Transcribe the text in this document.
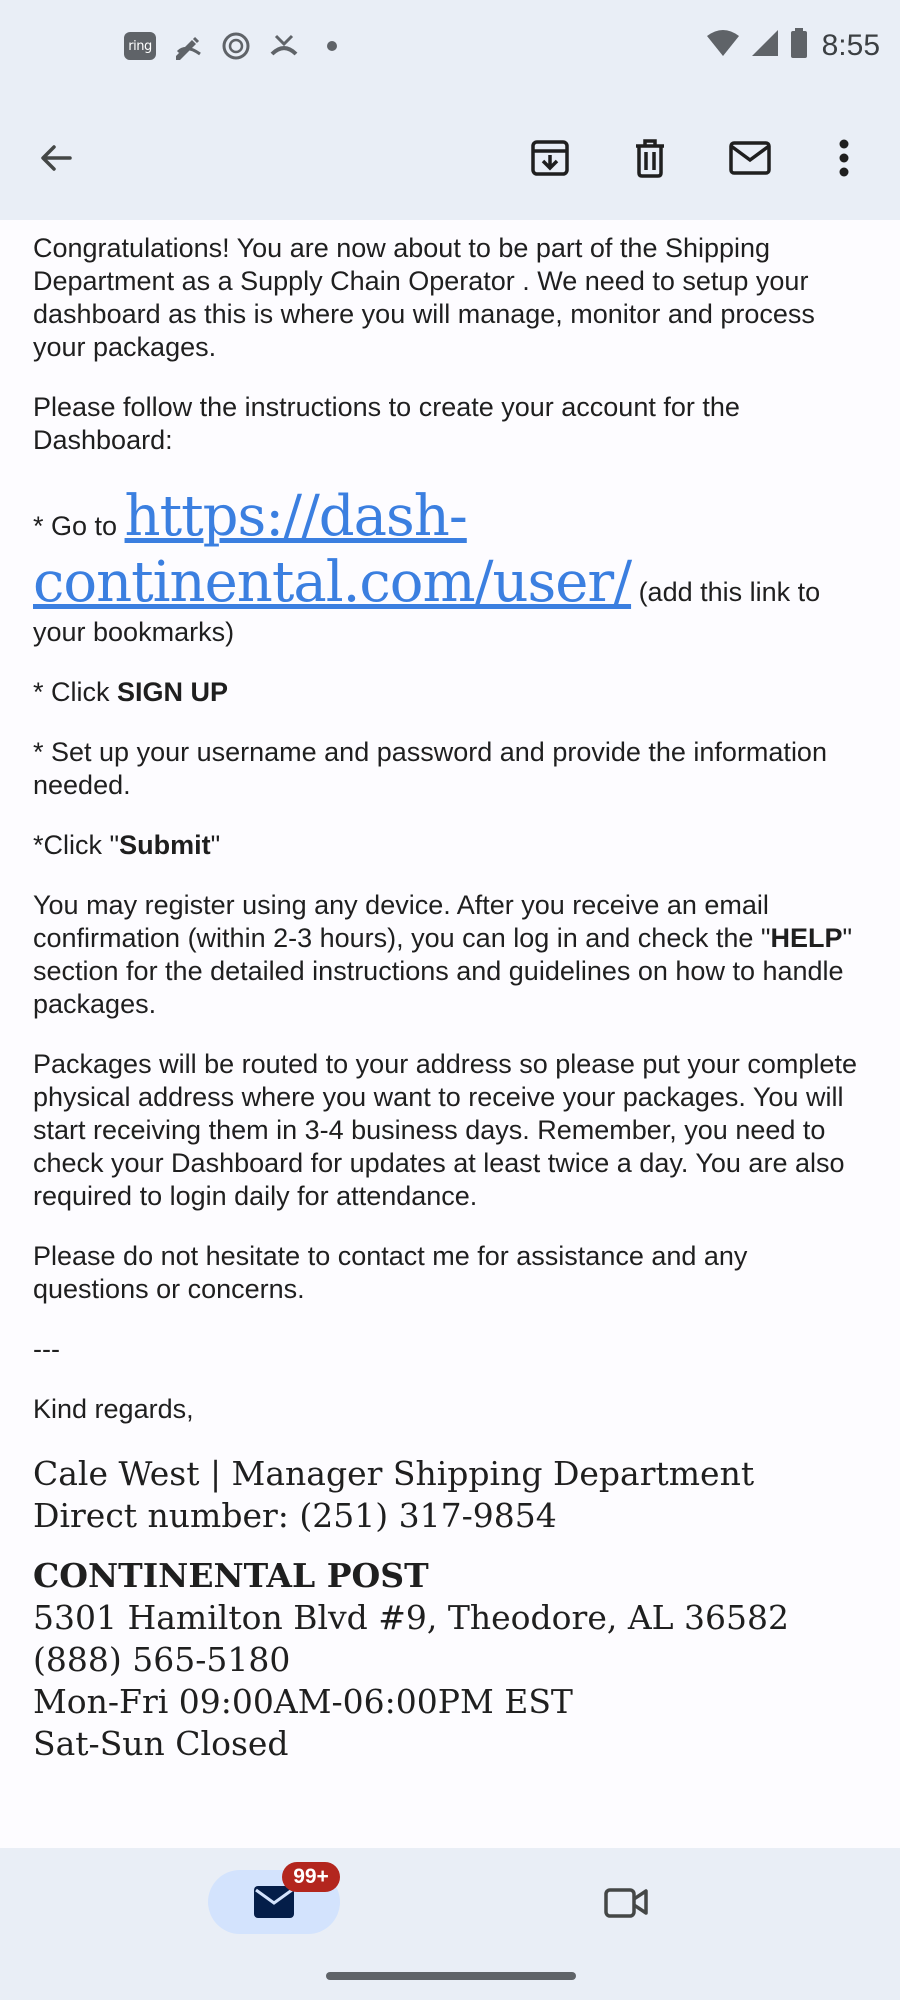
ring	8:55

Congratulations! You are now about to be part of the Shipping Department as a Supply Chain Operator . We need to setup your dashboard as this is where you will manage, monitor and process your packages.

Please follow the instructions to create your account for the Dashboard:

* Go to https://dash-continental.com/user/ (add this link to your bookmarks)

* Click SIGN UP

* Set up your username and password and provide the information needed.

*Click "Submit"

You may register using any device. After you receive an email confirmation (within 2-3 hours), you can log in and check the "HELP" section for the detailed instructions and guidelines on how to handle packages.

Packages will be routed to your address so please put your complete physical address where you want to receive your packages. You will start receiving them in 3-4 business days. Remember, you need to check your Dashboard for updates at least twice a day. You are also required to login daily for attendance.

Please do not hesitate to contact me for assistance and any questions or concerns.

---

Kind regards,

Cale West | Manager Shipping Department
Direct number: (251) 317-9854
CONTINENTAL POST
5301 Hamilton Blvd #9, Theodore, AL 36582
(888) 565-5180
Mon-Fri 09:00AM-06:00PM EST
Sat-Sun Closed
99+
